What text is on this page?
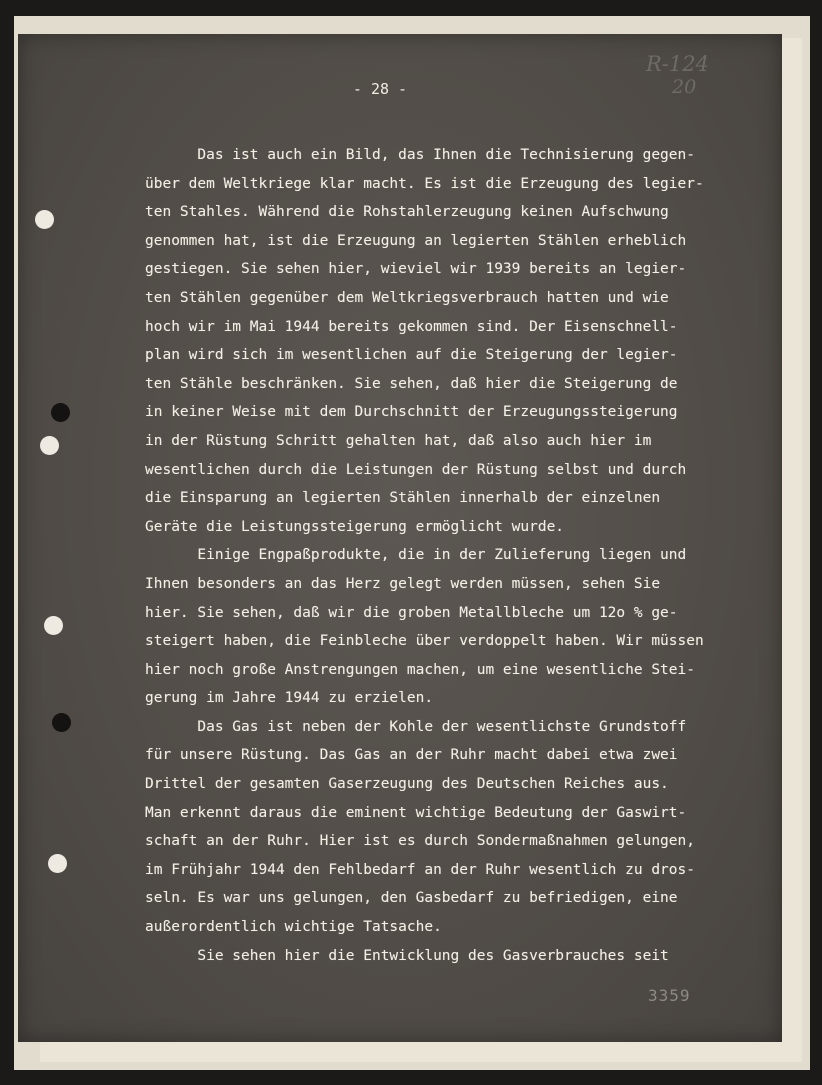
R-124
20
- 28 -
Das ist auch ein Bild, das Ihnen die Technisierung gegen-
über dem Weltkriege klar macht. Es ist die Erzeugung des legier-
ten Stahles. Während die Rohstahlerzeugung keinen Aufschwung
genommen hat, ist die Erzeugung an legierten Stählen erheblich
gestiegen. Sie sehen hier, wieviel wir 1939 bereits an legier-
ten Stählen gegenüber dem Weltkriegsverbrauch hatten und wie
hoch wir im Mai 1944 bereits gekommen sind. Der Eisenschnell-
plan wird sich im wesentlichen auf die Steigerung der legier-
ten Stähle beschränken. Sie sehen, daß hier die Steigerung de
in keiner Weise mit dem Durchschnitt der Erzeugungssteigerung
in der Rüstung Schritt gehalten hat, daß also auch hier im
wesentlichen durch die Leistungen der Rüstung selbst und durch
die Einsparung an legierten Stählen innerhalb der einzelnen
Geräte die Leistungssteigerung ermöglicht wurde.
Einige Engpaßprodukte, die in der Zulieferung liegen und
Ihnen besonders an das Herz gelegt werden müssen, sehen Sie
hier. Sie sehen, daß wir die groben Metallbleche um 12o % ge-
steigert haben, die Feinbleche über verdoppelt haben. Wir müssen
hier noch große Anstrengungen machen, um eine wesentliche Stei-
gerung im Jahre 1944 zu erzielen.
Das Gas ist neben der Kohle der wesentlichste Grundstoff
für unsere Rüstung. Das Gas an der Ruhr macht dabei etwa zwei
Drittel der gesamten Gaserzeugung des Deutschen Reiches aus.
Man erkennt daraus die eminent wichtige Bedeutung der Gaswirt-
schaft an der Ruhr. Hier ist es durch Sondermaßnahmen gelungen,
im Frühjahr 1944 den Fehlbedarf an der Ruhr wesentlich zu dros-
seln. Es war uns gelungen, den Gasbedarf zu befriedigen, eine
außerordentlich wichtige Tatsache.
Sie sehen hier die Entwicklung des Gasverbrauches seit
3359
